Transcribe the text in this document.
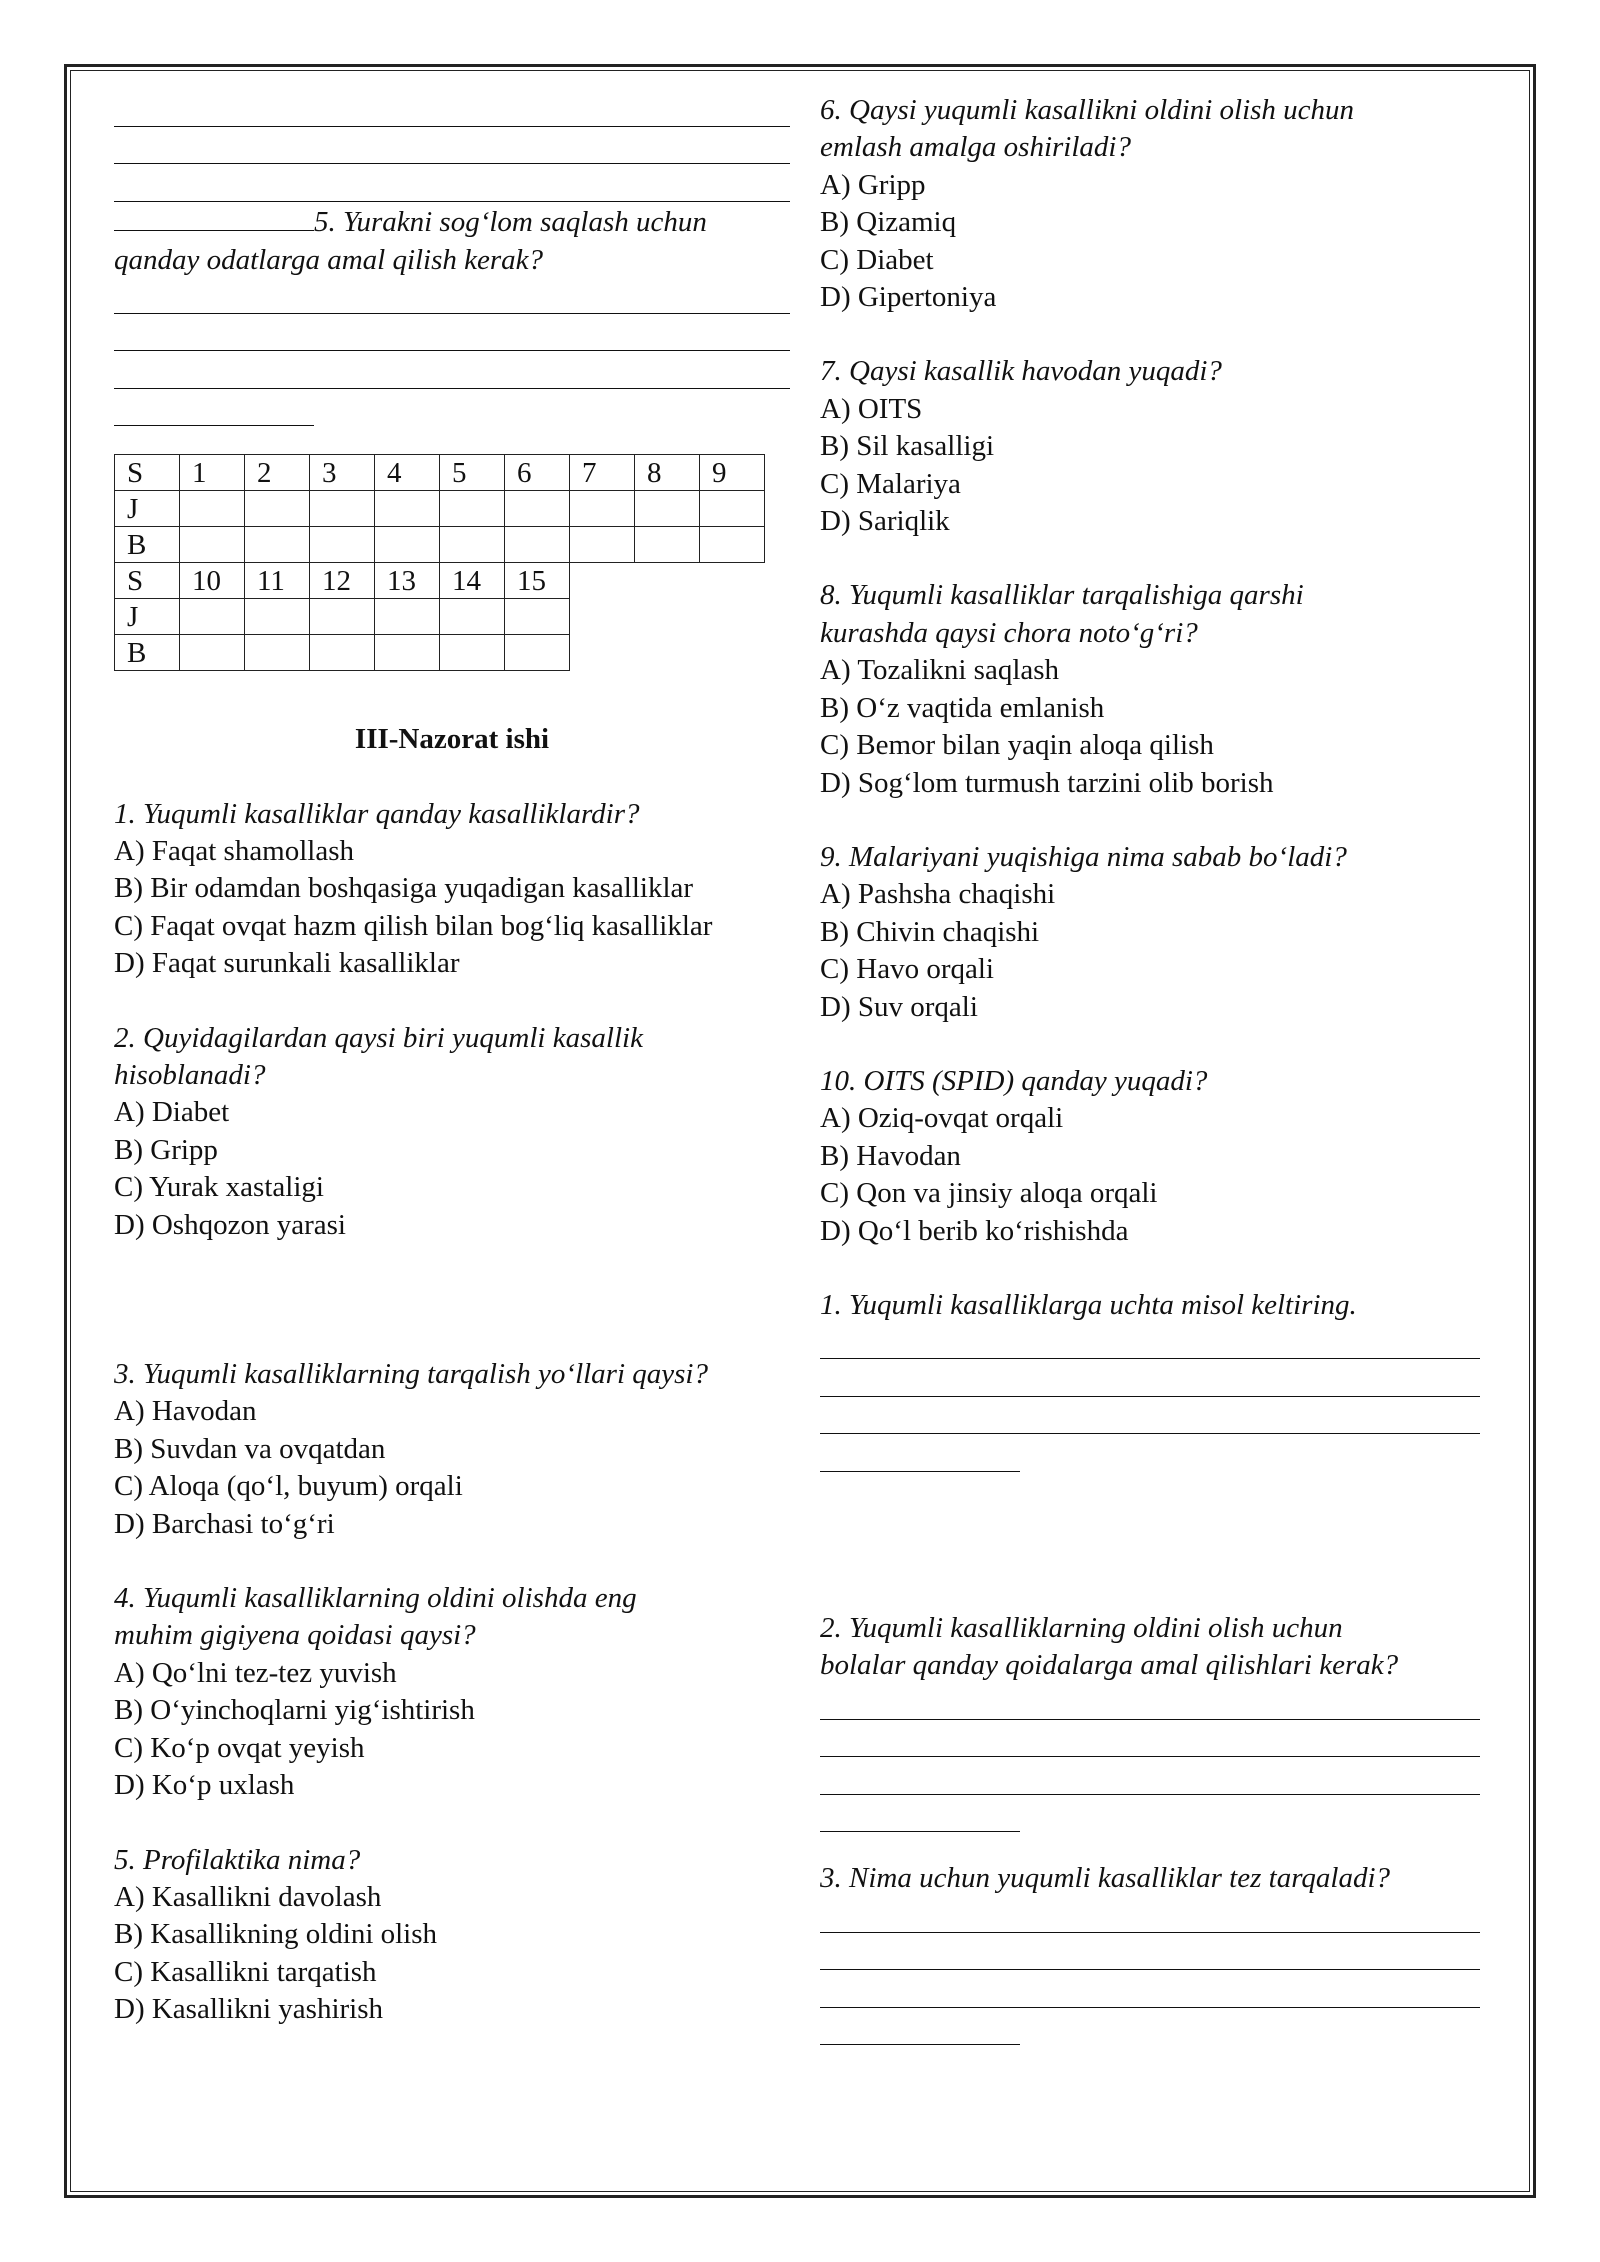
5. Yurakni sog‘lom saqlash uchun qanday odatlarga amal qilish kerak?
S	1	2	3	4	5	6	7	8	9
J									
B									
S	10	11	12	13	14	15			
J									
B									
III-Nazorat ishi
1. Yuqumli kasalliklar qanday kasalliklardir?
A) Faqat shamollash
B) Bir odamdan boshqasiga yuqadigan kasalliklar
C) Faqat ovqat hazm qilish bilan bog‘liq kasalliklar
D) Faqat surunkali kasalliklar
2. Quyidagilardan qaysi biri yuqumli kasallik
hisoblanadi?
A) Diabet
B) Gripp
C) Yurak xastaligi
D) Oshqozon yarasi
3. Yuqumli kasalliklarning tarqalish yo‘llari qaysi?
A) Havodan
B) Suvdan va ovqatdan
C) Aloqa (qo‘l, buyum) orqali
D) Barchasi to‘g‘ri
4. Yuqumli kasalliklarning oldini olishda eng
muhim gigiyena qoidasi qaysi?
A) Qo‘lni tez-tez yuvish
B) O‘yinchoqlarni yig‘ishtirish
C) Ko‘p ovqat yeyish
D) Ko‘p uxlash
5. Profilaktika nima?
A) Kasallikni davolash
B) Kasallikning oldini olish
C) Kasallikni tarqatish
D) Kasallikni yashirish
6. Qaysi yuqumli kasallikni oldini olish uchun
emlash amalga oshiriladi?
A) Gripp
B) Qizamiq
C) Diabet
D) Gipertoniya
7. Qaysi kasallik havodan yuqadi?
A) OITS
B) Sil kasalligi
C) Malariya
D) Sariqlik
8. Yuqumli kasalliklar tarqalishiga qarshi
kurashda qaysi chora noto‘g‘ri?
A) Tozalikni saqlash
B) O‘z vaqtida emlanish
C) Bemor bilan yaqin aloqa qilish
D) Sog‘lom turmush tarzini olib borish
9. Malariyani yuqishiga nima sabab bo‘ladi?
A) Pashsha chaqishi
B) Chivin chaqishi
C) Havo orqali
D) Suv orqali
10. OITS (SPID) qanday yuqadi?
A) Oziq-ovqat orqali
B) Havodan
C) Qon va jinsiy aloqa orqali
D) Qo‘l berib ko‘rishishda
1. Yuqumli kasalliklarga uchta misol keltiring.
2. Yuqumli kasalliklarning oldini olish uchun
bolalar qanday qoidalarga amal qilishlari kerak?
3. Nima uchun yuqumli kasalliklar tez tarqaladi?
